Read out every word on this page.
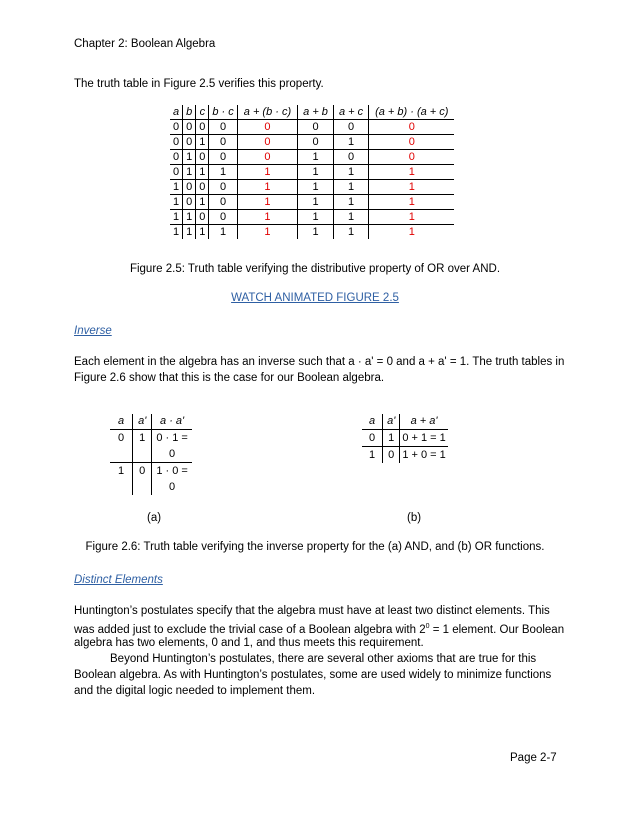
Chapter 2: Boolean Algebra

The truth table in Figure 2.5 verifies this property.

a	b	c	b · c	a + (b · c)	a + b	a + c	(a + b) · (a + c)
0	0	0	0	0	0	0	0
0	0	1	0	0	0	1	0
0	1	0	0	0	1	0	0
0	1	1	1	1	1	1	1
1	0	0	0	1	1	1	1
1	0	1	0	1	1	1	1
1	1	0	0	1	1	1	1
1	1	1	1	1	1	1	1
Figure 2.5: Truth table verifying the distributive property of OR over AND.
WATCH ANIMATED FIGURE 2.5
Inverse

Each element in the algebra has an inverse such that a · a' = 0 and a + a' = 1. The truth tables in

Figure 2.6 show that this is the case for our Boolean algebra.

a	a'	a · a'
0	1	0 · 1 =
		0
1	0	1 · 0 =
		0
(a)
a	a'	a + a'
0	1	0 + 1 = 1
1	0	1 + 0 = 1
(b)
Figure 2.6: Truth table verifying the inverse property for the (a) AND, and (b) OR functions.
Distinct Elements

Huntington’s postulates specify that the algebra must have at least two distinct elements. This

was added just to exclude the trivial case of a Boolean algebra with $2^0 = 1$ element. Our Boolean

algebra has two elements, 0 and 1, and thus meets this requirement.

Beyond Huntington’s postulates, there are several other axioms that are true for this

Boolean algebra. As with Huntington’s postulates, some are used widely to minimize functions

and the digital logic needed to implement them.

Page 2-7
